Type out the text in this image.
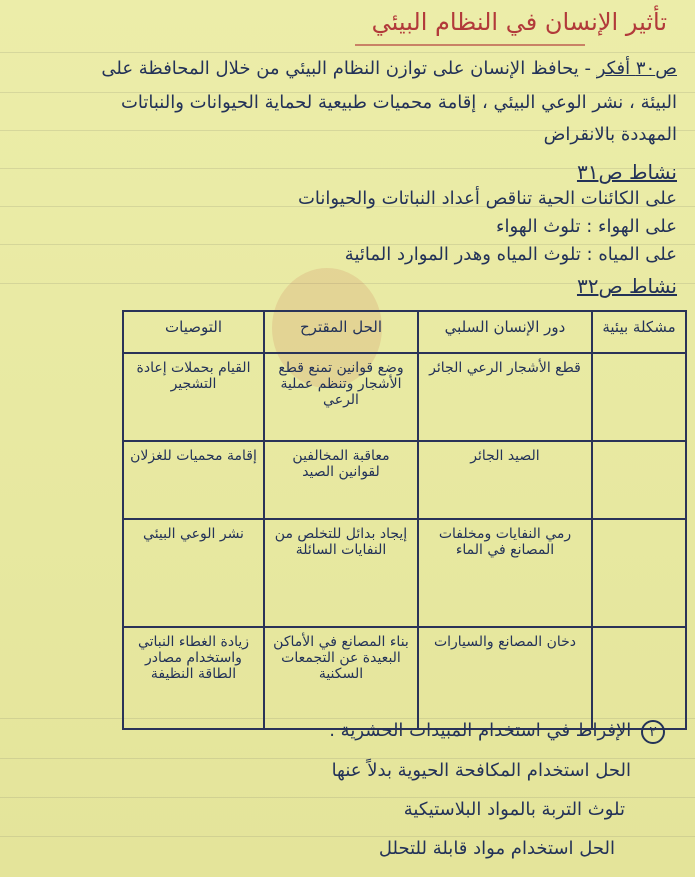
تأثير الإنسان في النظام البيئي
ص٣٠ أفكر - يحافظ الإنسان على توازن النظام البيئي من خلال المحافظة على
البيئة ، نشر الوعي البيئي ، إقامة محميات طبيعية لحماية الحيوانات والنباتات
المهددة بالانقراض
نشاط ص٣١
على الكائنات الحية تناقص أعداد النباتات والحيوانات
على الهواء : تلوث الهواء
على المياه : تلوث المياه وهدر الموارد المائية
نشاط ص٣٢
مشكلة بيئية	دور الإنسان السلبي	الحل المقترح	التوصيات
	قطع الأشجار الرعي الجائر	وضع قوانين تمنع قطع الأشجار وتنظم عملية الرعي	القيام بحملات إعادة التشجير
	الصيد الجائر	معاقبة المخالفين لقوانين الصيد	إقامة محميات للغزلان
	رمي النفايات ومخلفات المصانع في الماء	إيجاد بدائل للتخلص من النفايات السائلة	نشر الوعي البيئي
	دخان المصانع والسيارات	بناء المصانع في الأماكن البعيدة عن التجمعات السكنية	زيادة الغطاء النباتي واستخدام مصادر الطاقة النظيفة
٢ الإفراط في استخدام المبيدات الحشرية .
الحل استخدام المكافحة الحيوية بدلاً عنها
تلوث التربة بالمواد البلاستيكية
الحل استخدام مواد قابلة للتحلل
